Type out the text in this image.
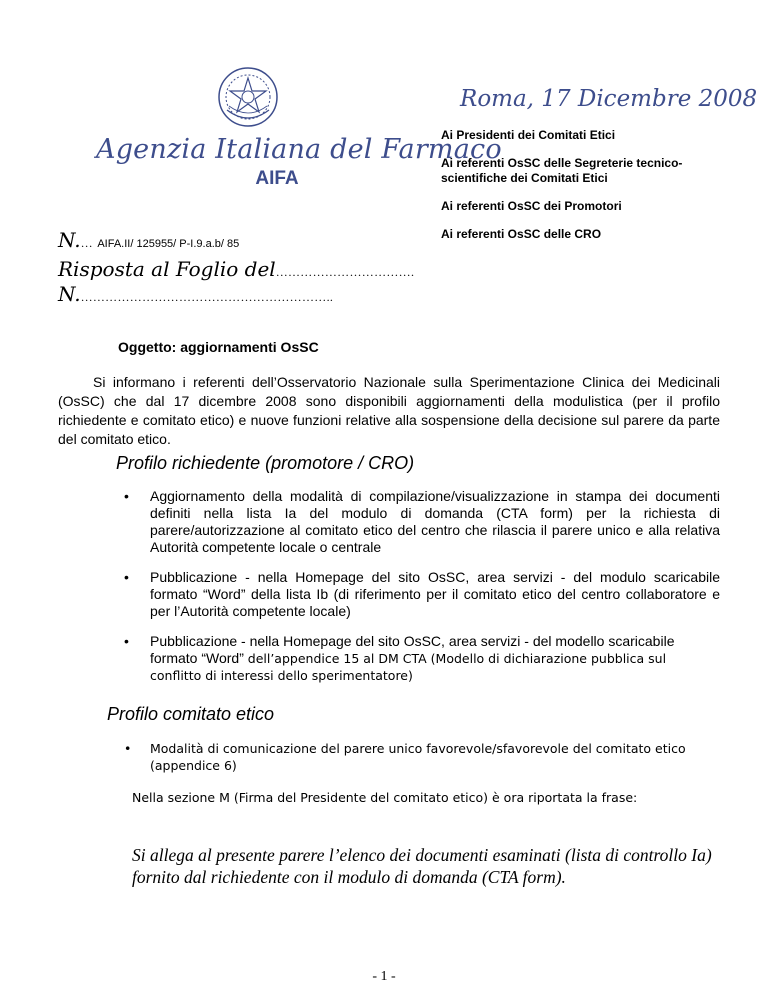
Agenzia Italiana del Farmaco
AIFA
Roma, 17 Dicembre 2008

Ai Presidenti dei Comitati Etici

Ai referenti OsSC delle Segreterie tecnico-scientifiche dei Comitati Etici

Ai referenti OsSC dei Promotori

Ai referenti OsSC delle CRO

N.… AIFA.II/ 125955/ P-I.9.a.b/ 85
Risposta al Foglio del…………………………….
N.……………………………………………………..
Oggetto: aggiornamenti OsSC

Si informano i referenti dell’Osservatorio Nazionale sulla Sperimentazione Clinica dei Medicinali (OsSC) che dal 17 dicembre 2008 sono disponibili aggiornamenti della modulistica (per il profilo richiedente e comitato etico) e nuove funzioni relative alla sospensione della decisione sul parere da parte del comitato etico.

Profilo richiedente (promotore / CRO)
• Aggiornamento della modalità di compilazione/visualizzazione in stampa dei documenti definiti nella lista Ia del modulo di domanda (CTA form) per la richiesta di parere/autorizzazione al comitato etico del centro che rilascia il parere unico e alla relativa Autorità competente locale o centrale
• Pubblicazione - nella Homepage del sito OsSC, area servizi - del modulo scaricabile formato “Word” della lista Ib (di riferimento per il comitato etico del centro collaboratore e per l’Autorità competente locale)
• Pubblicazione - nella Homepage del sito OsSC, area servizi - del modello scaricabile formato “Word” dell’appendice 15 al DM CTA (Modello di dichiarazione pubblica sul conflitto di interessi dello sperimentatore)
Profilo comitato etico
• Modalità di comunicazione del parere unico favorevole/sfavorevole del comitato etico (appendice 6)

Nella sezione M (Firma del Presidente del comitato etico) è ora riportata la frase:

Si allega al presente parere l’elenco dei documenti esaminati (lista di controllo Ia) fornito dal richiedente con il modulo di domanda (CTA form).

- 1 -
